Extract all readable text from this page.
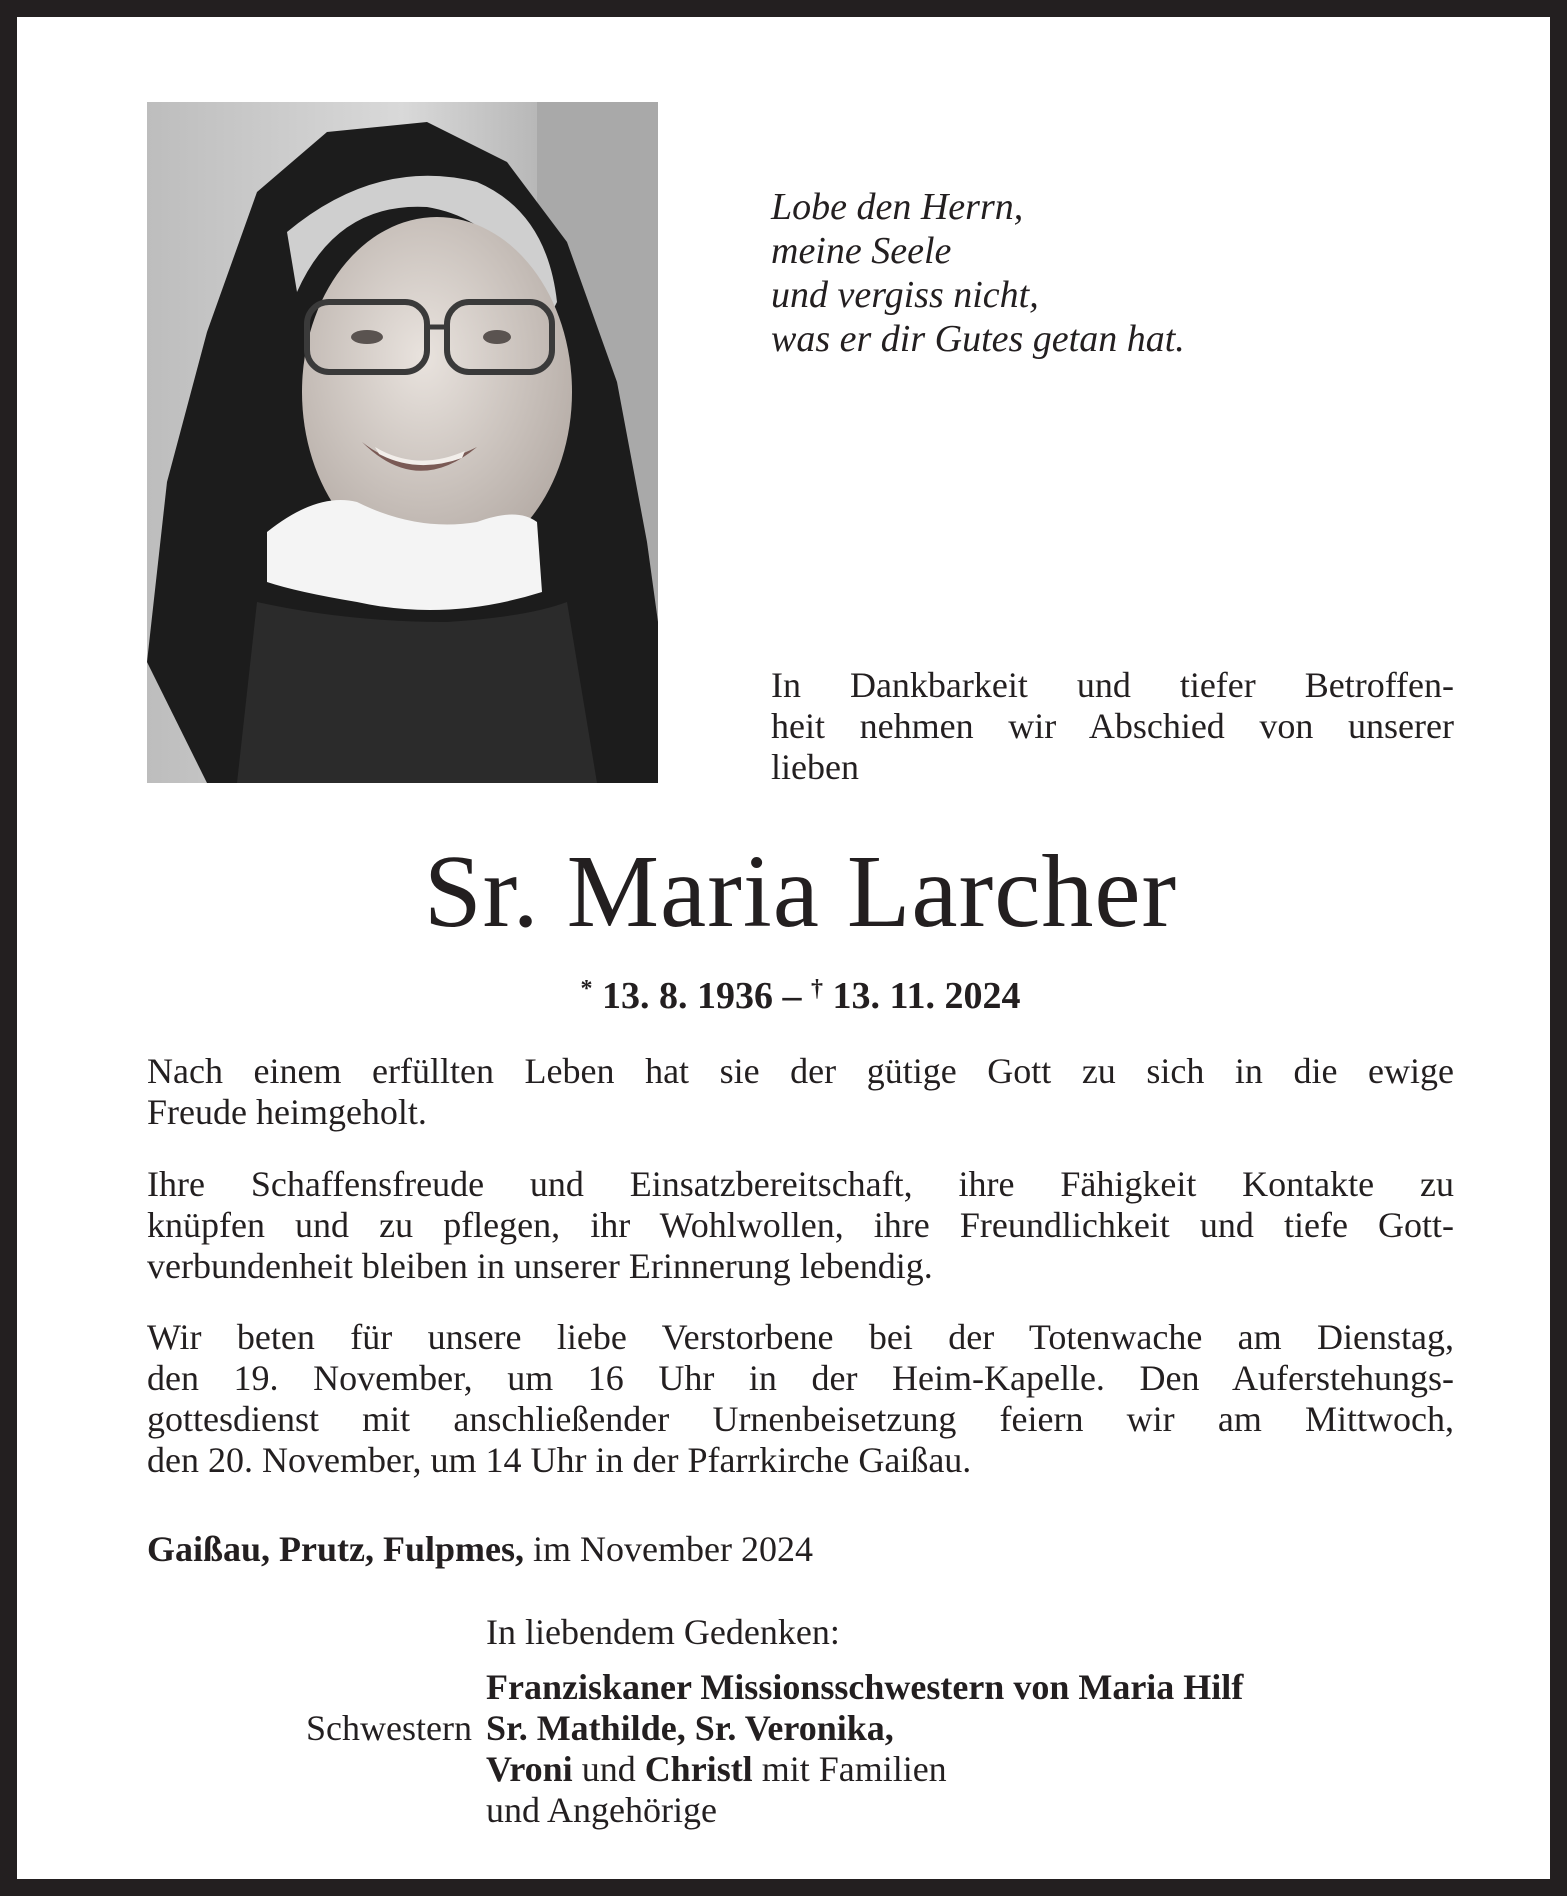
Lobe den Herrn,
meine Seele
und vergiss nicht,
was er dir Gutes getan hat.
In Dankbarkeit und tiefer Betroffen-
heit nehmen wir Abschied von unserer
lieben
Sr. Maria Larcher
* 13. 8. 1936 – † 13. 11. 2024
Nach einem erfüllten Leben hat sie der gütige Gott zu sich in die ewige
Freude heimgeholt.
Ihre Schaffensfreude und Einsatzbereitschaft, ihre Fähigkeit Kontakte zu
knüpfen und zu pflegen, ihr Wohlwollen, ihre Freundlichkeit und tiefe Gott-
verbundenheit bleiben in unserer Erinnerung lebendig.
Wir beten für unsere liebe Verstorbene bei der Totenwache am Dienstag,
den 19. November, um 16 Uhr in der Heim-Kapelle. Den Auferstehungs-
gottesdienst mit anschließender Urnenbeisetzung feiern wir am Mittwoch,
den 20. November, um 14 Uhr in der Pfarrkirche Gaißau.
Gaißau, Prutz, Fulpmes, im November 2024
In liebendem Gedenken:
Schwestern
Franziskaner Missionsschwestern von Maria Hilf
Sr. Mathilde, Sr. Veronika,
Vroni und Christl mit Familien
und Angehörige
